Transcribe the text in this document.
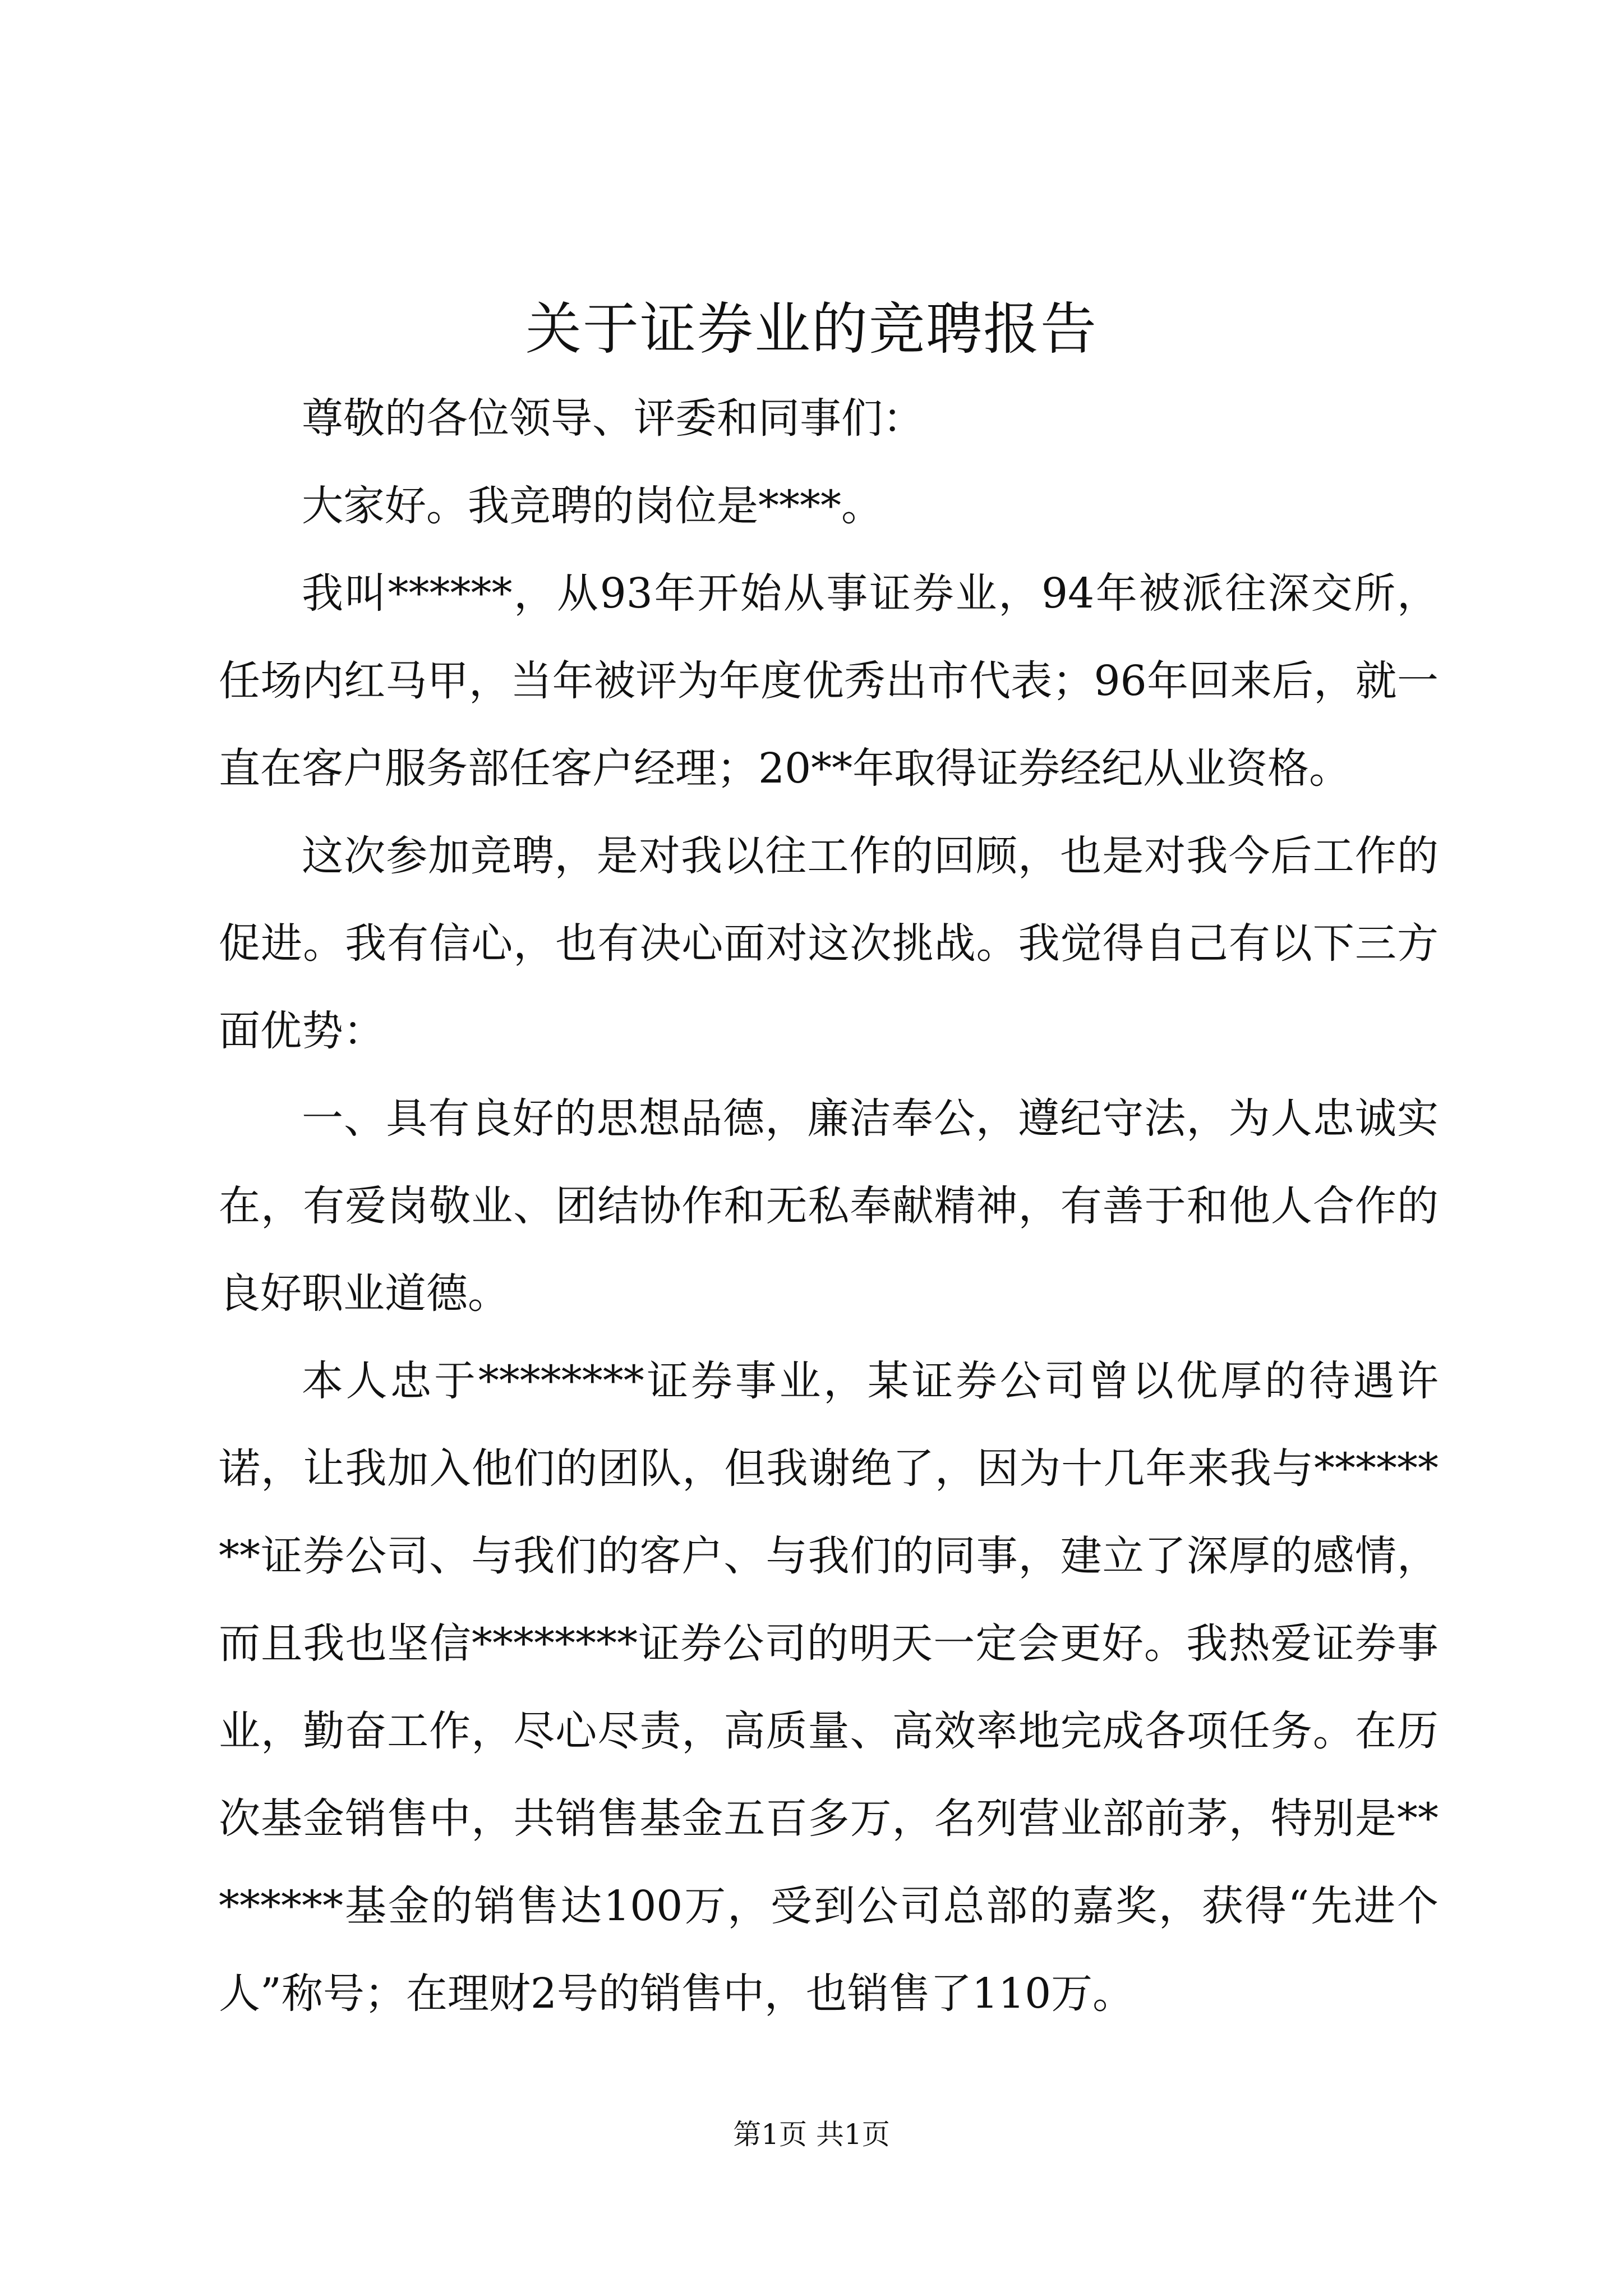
关于证券业的竞聘报告

尊敬的各位领导、评委和同事们：

大家好。我竞聘的岗位是****。

我叫******，从93年开始从事证券业，94年被派往深交所，任场内红马甲，当年被评为年度优秀出市代表；96年回来后，就一直在客户服务部任客户经理；20**年取得证券经纪从业资格。

这次参加竞聘，是对我以往工作的回顾，也是对我今后工作的促进。我有信心，也有决心面对这次挑战。我觉得自己有以下三方面优势：

一、具有良好的思想品德，廉洁奉公，遵纪守法，为人忠诚实在，有爱岗敬业、团结协作和无私奉献精神，有善于和他人合作的良好职业道德。

本人忠于********证券事业，某证券公司曾以优厚的待遇许诺，让我加入他们的团队，但我谢绝了，因为十几年来我与********证券公司、与我们的客户、与我们的同事，建立了深厚的感情，而且我也坚信********证券公司的明天一定会更好。我热爱证券事业，勤奋工作，尽心尽责，高质量、高效率地完成各项任务。在历次基金销售中，共销售基金五百多万，名列营业部前茅，特别是********基金的销售达100万，受到公司总部的嘉奖，获得“先进个人”称号；在理财2号的销售中，也销售了110万。

第1页 共1页
